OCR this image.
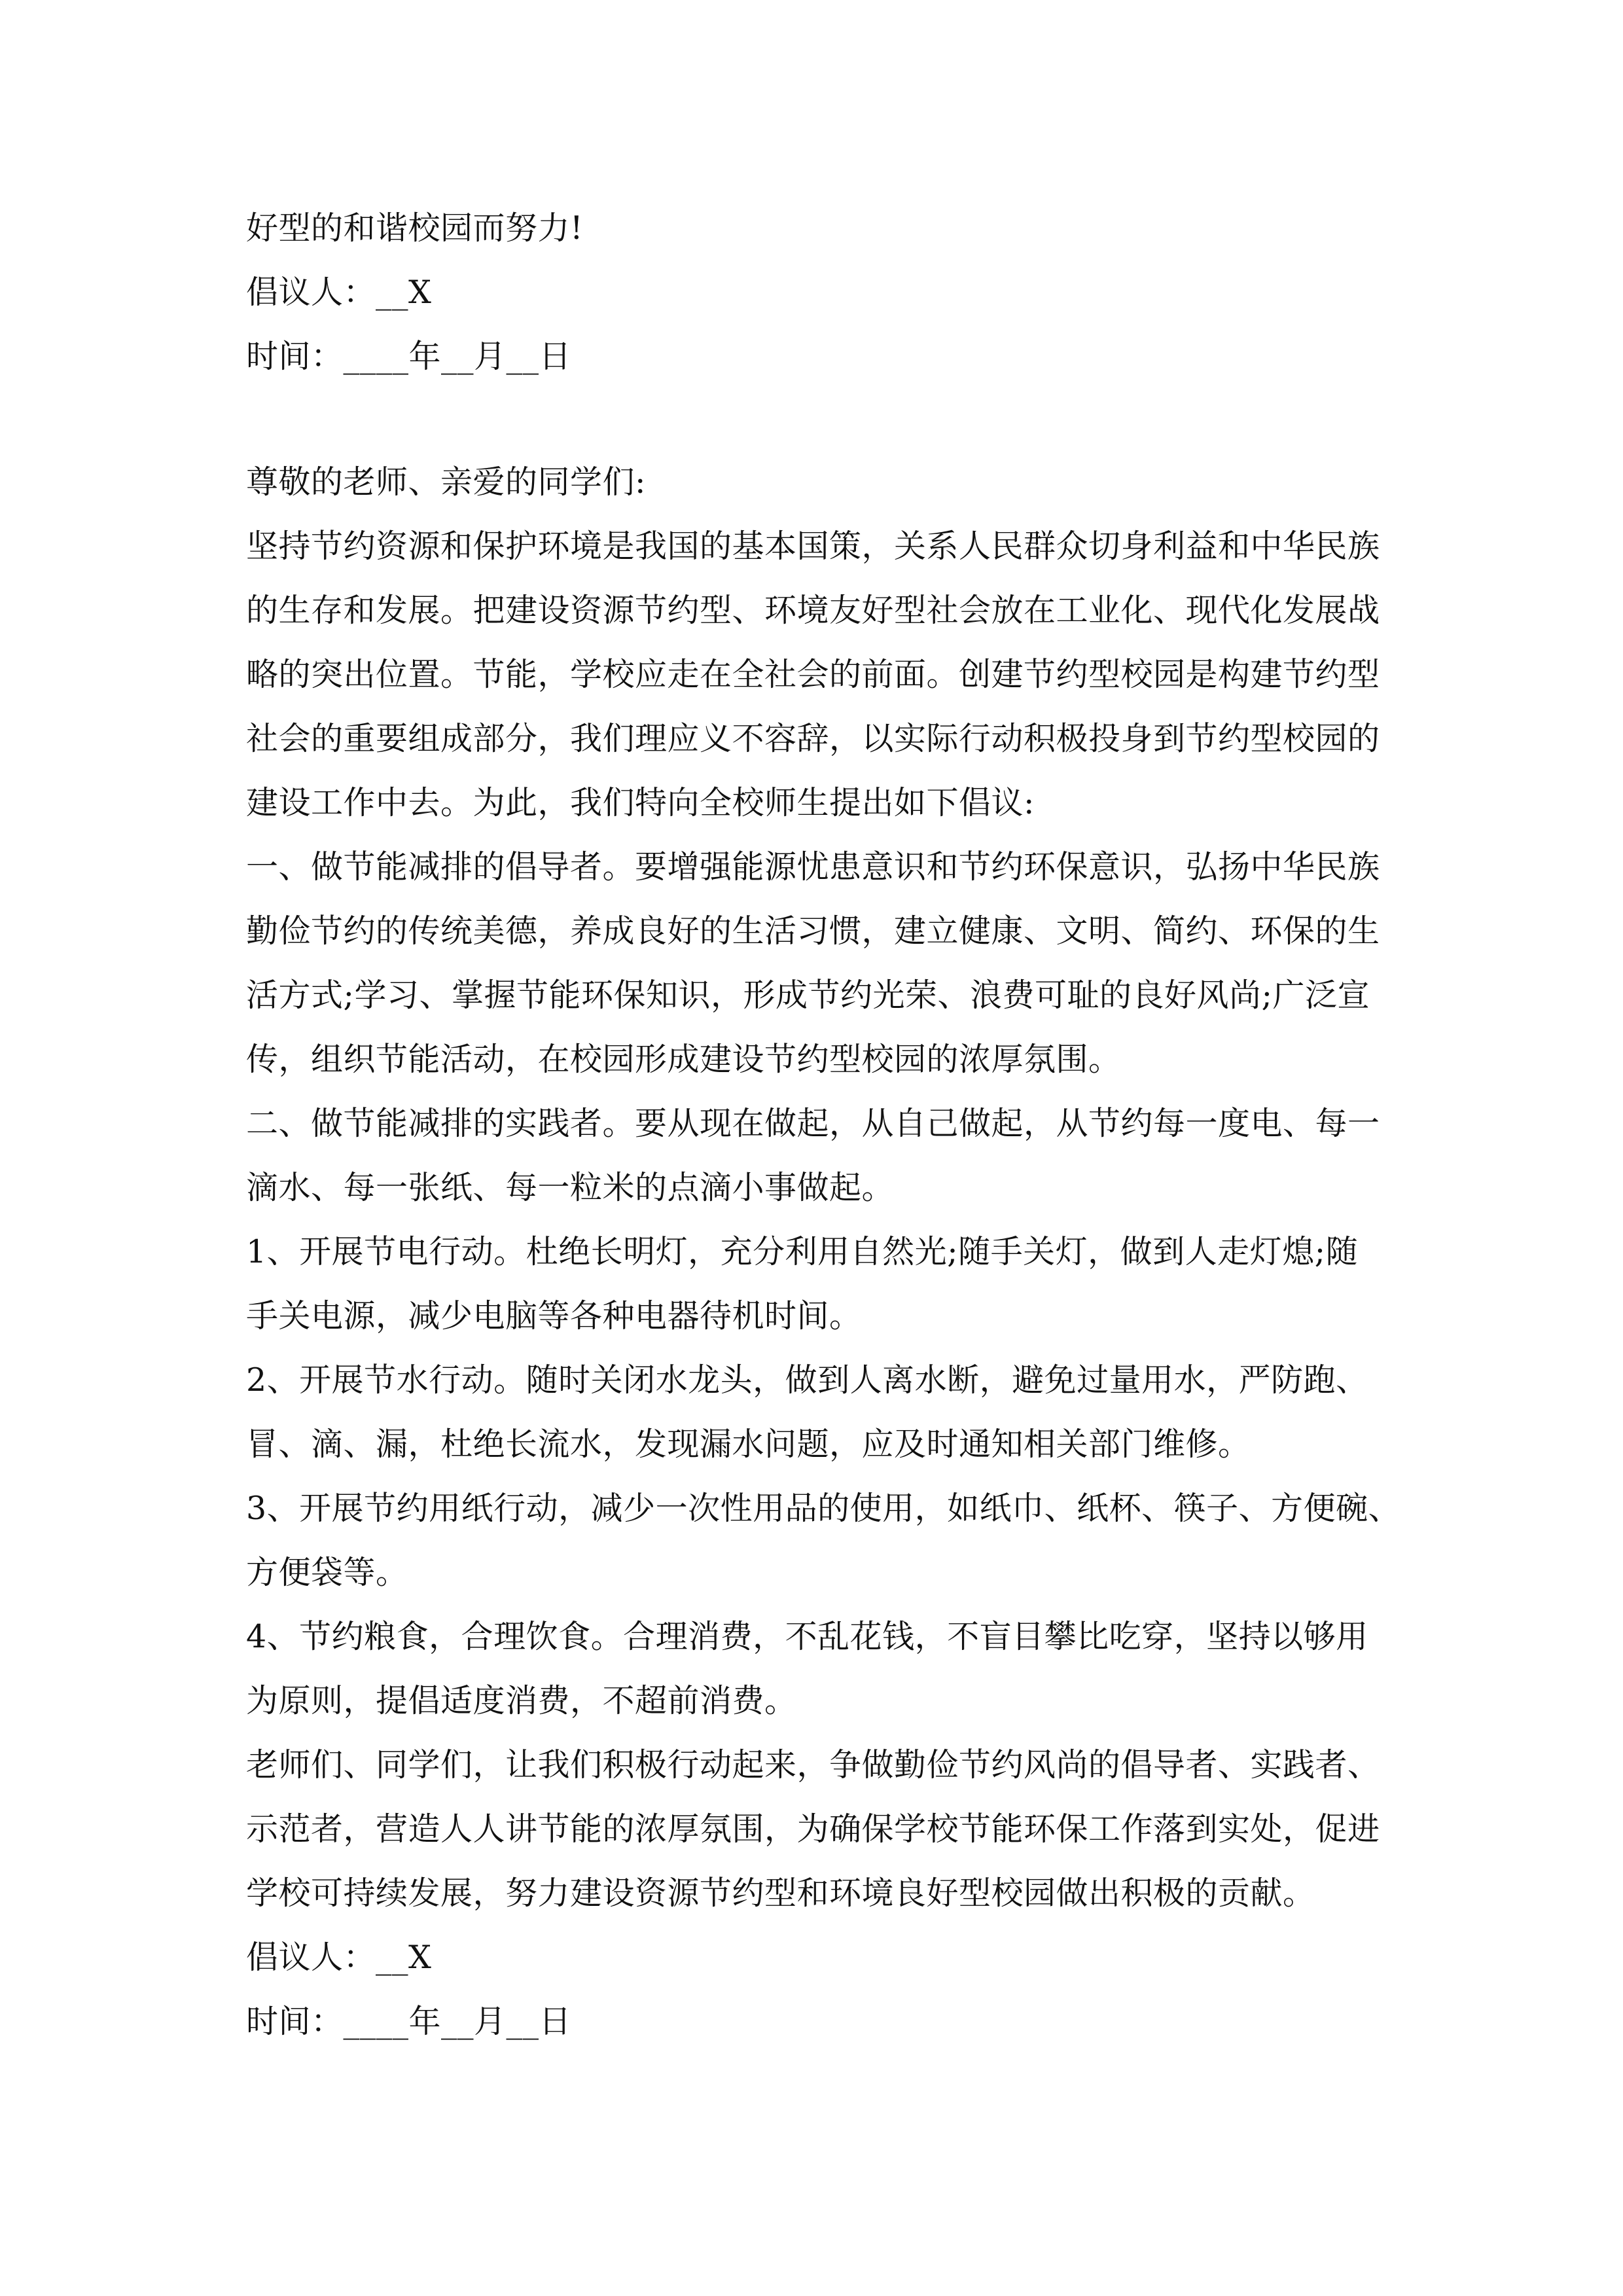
好型的和谐校园而努力!
倡议人：__X
时间：____年__月__日
尊敬的老师、亲爱的同学们:
坚持节约资源和保护环境是我国的基本国策，关系人民群众切身利益和中华民族
的生存和发展。把建设资源节约型、环境友好型社会放在工业化、现代化发展战
略的突出位置。节能，学校应走在全社会的前面。创建节约型校园是构建节约型
社会的重要组成部分，我们理应义不容辞，以实际行动积极投身到节约型校园的
建设工作中去。为此，我们特向全校师生提出如下倡议:
一、做节能减排的倡导者。要增强能源忧患意识和节约环保意识，弘扬中华民族
勤俭节约的传统美德，养成良好的生活习惯，建立健康、文明、简约、环保的生
活方式;学习、掌握节能环保知识，形成节约光荣、浪费可耻的良好风尚;广泛宣
传，组织节能活动，在校园形成建设节约型校园的浓厚氛围。
二、做节能减排的实践者。要从现在做起，从自己做起，从节约每一度电、每一
滴水、每一张纸、每一粒米的点滴小事做起。
1、开展节电行动。杜绝长明灯，充分利用自然光;随手关灯，做到人走灯熄;随
手关电源，减少电脑等各种电器待机时间。
2、开展节水行动。随时关闭水龙头，做到人离水断，避免过量用水，严防跑、
冒、滴、漏，杜绝长流水，发现漏水问题，应及时通知相关部门维修。
3、开展节约用纸行动，减少一次性用品的使用，如纸巾、纸杯、筷子、方便碗、
方便袋等。
4、节约粮食，合理饮食。合理消费，不乱花钱，不盲目攀比吃穿，坚持以够用
为原则，提倡适度消费，不超前消费。
老师们、同学们，让我们积极行动起来，争做勤俭节约风尚的倡导者、实践者、
示范者，营造人人讲节能的浓厚氛围，为确保学校节能环保工作落到实处，促进
学校可持续发展，努力建设资源节约型和环境良好型校园做出积极的贡献。
倡议人：__X
时间：____年__月__日
